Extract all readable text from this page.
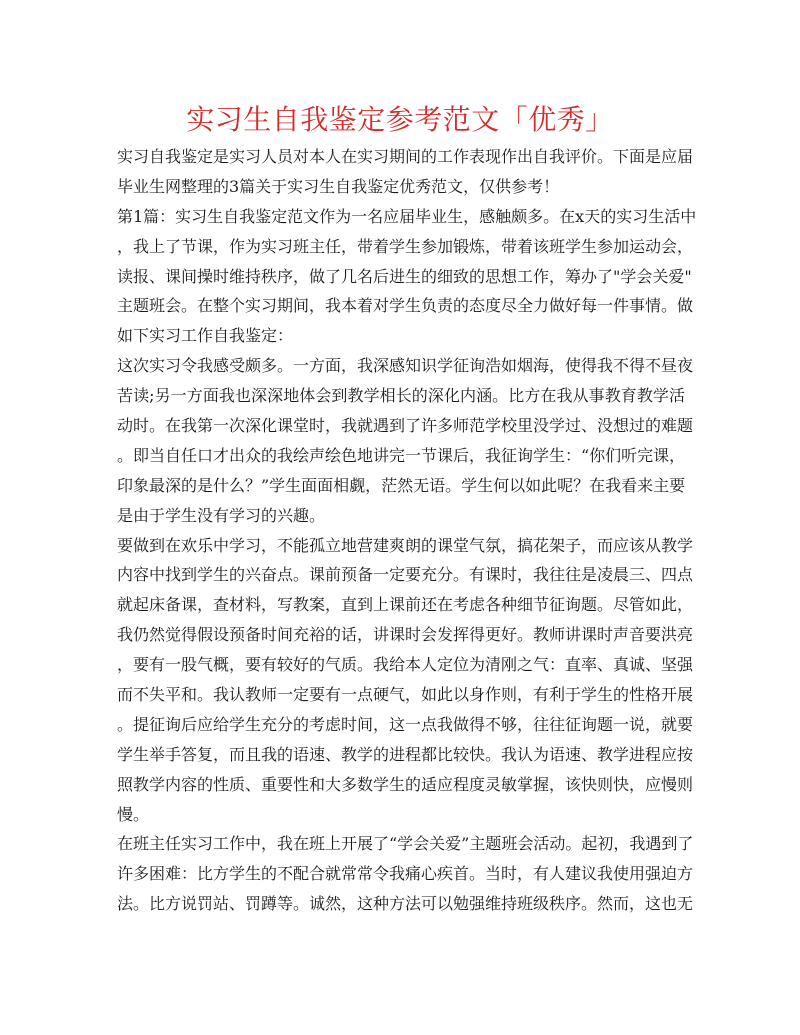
实习生自我鉴定参考范文「优秀」
实习自我鉴定是实习人员对本人在实习期间的工作表现作出自我评价。下面是应届
毕业生网整理的3篇关于实习生自我鉴定优秀范文，仅供参考！
第1篇：实习生自我鉴定范文作为一名应届毕业生，感触颇多。在x天的实习生活中
，我上了节课，作为实习班主任，带着学生参加锻炼，带着该班学生参加运动会，
读报、课间操时维持秩序，做了几名后进生的细致的思想工作，筹办了"学会关爱"
主题班会。在整个实习期间，我本着对学生负责的态度尽全力做好每一件事情。做
如下实习工作自我鉴定：
这次实习令我感受颇多。一方面，我深感知识学征询浩如烟海，使得我不得不昼夜
苦读;另一方面我也深深地体会到教学相长的深化内涵。比方在我从事教育教学活
动时。在我第一次深化课堂时，我就遇到了许多师范学校里没学过、没想过的难题
。即当自任口才出众的我绘声绘色地讲完一节课后，我征询学生：“你们听完课，
印象最深的是什么？”学生面面相觑，茫然无语。学生何以如此呢？在我看来主要
是由于学生没有学习的兴趣。
要做到在欢乐中学习，不能孤立地营建爽朗的课堂气氛，搞花架子，而应该从教学
内容中找到学生的兴奋点。课前预备一定要充分。有课时，我往往是凌晨三、四点
就起床备课，查材料，写教案，直到上课前还在考虑各种细节征询题。尽管如此，
我仍然觉得假设预备时间充裕的话，讲课时会发挥得更好。教师讲课时声音要洪亮
，要有一股气概，要有较好的气质。我给本人定位为清刚之气：直率、真诚、坚强
而不失平和。我认教师一定要有一点硬气，如此以身作则，有利于学生的性格开展
。提征询后应给学生充分的考虑时间，这一点我做得不够，往往征询题一说，就要
学生举手答复，而且我的语速、教学的进程都比较快。我认为语速、教学进程应按
照教学内容的性质、重要性和大多数学生的适应程度灵敏掌握，该快则快，应慢则
慢。
在班主任实习工作中，我在班上开展了“学会关爱”主题班会活动。起初，我遇到了
许多困难：比方学生的不配合就常常令我痛心疾首。当时，有人建议我使用强迫方
法。比方说罚站、罚蹲等。诚然，这种方法可以勉强维持班级秩序。然而，这也无
